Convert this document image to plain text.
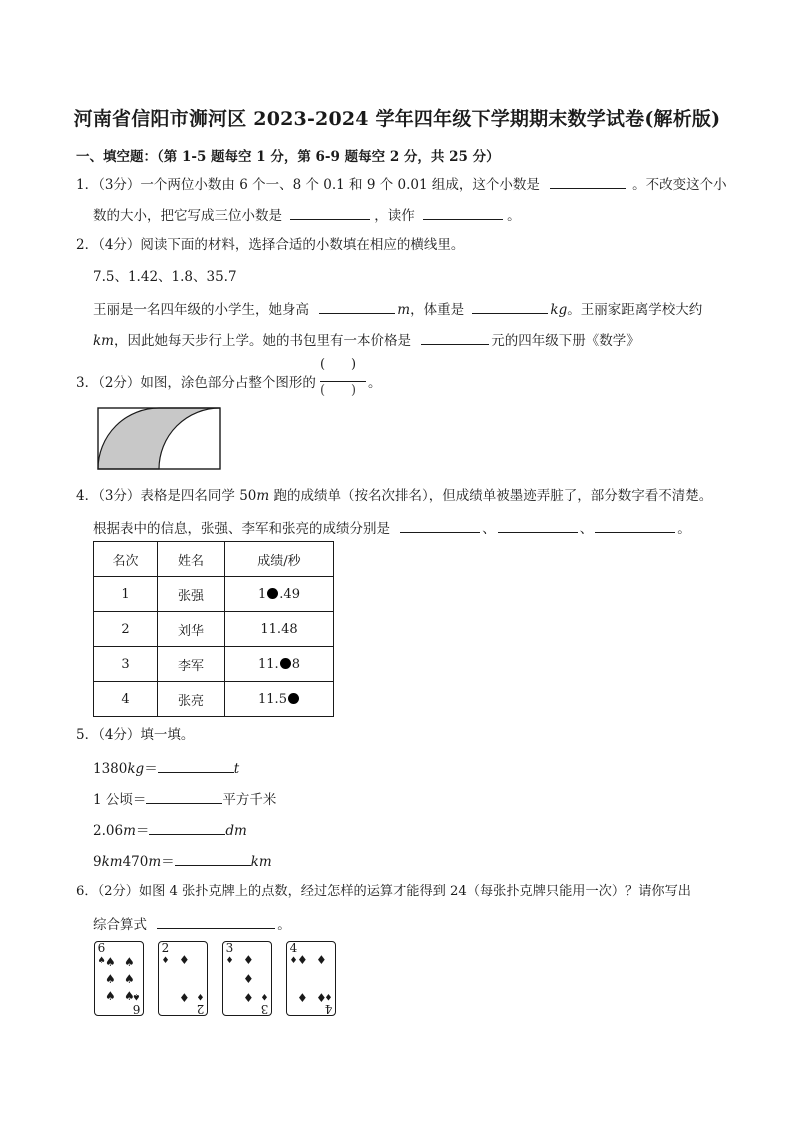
河南省信阳市浉河区 2023-2024 学年四年级下学期期末数学试卷(解析版)
一、填空题：（第 1-5 题每空 1 分，第 6-9 题每空 2 分，共 25 分）
1．（3分）一个两位小数由 6 个一、8 个 0.1 和 9 个 0.01 组成，这个小数是	。不改变这个小
数的大小，把它写成三位小数是	，读作	。
2．（4分）阅读下面的材料，选择合适的小数填在相应的横线里。
7.5、1.42、1.8、35.7
王丽是一名四年级的小学生，她身高	m，体重是	kg。王丽家距离学校大约
km，因此她每天步行上学。她的书包里有一本价格是	元的四年级下册《数学》
3．（2分）如图，涂色部分占整个图形的 $\frac{( )}{( )}$ 。
4．（3分）表格是四名同学 50m 跑的成绩单（按名次排名），但成绩单被墨迹弄脏了，部分数字看不清楚。
根据表中的信息，张强、李军和张亮的成绩分别是	、	、	。
名次	姓名	成绩/秒
1	张强	1 .49
2	刘华	11.48
3	李军	11. 8
4	张亮	11.5
5．（4分）填一填。
1380kg＝	t
1 公顷＝	平方千米
2.06m＝	dm
9km470m＝	km
6．（2分）如图 4 张扑克牌上的点数，经过怎样的运算才能得到 24（每张扑克牌只能用一次）？请你写出
综合算式	。
6
♠ ♠ ♠
♠ ♠
♠ ♠
6
♠
2
♦ ♦
♦
2
♦
3
♦ ♦
♦
♦
3
♦
4
♦ ♦ ♦
♦ ♦
4
♦
